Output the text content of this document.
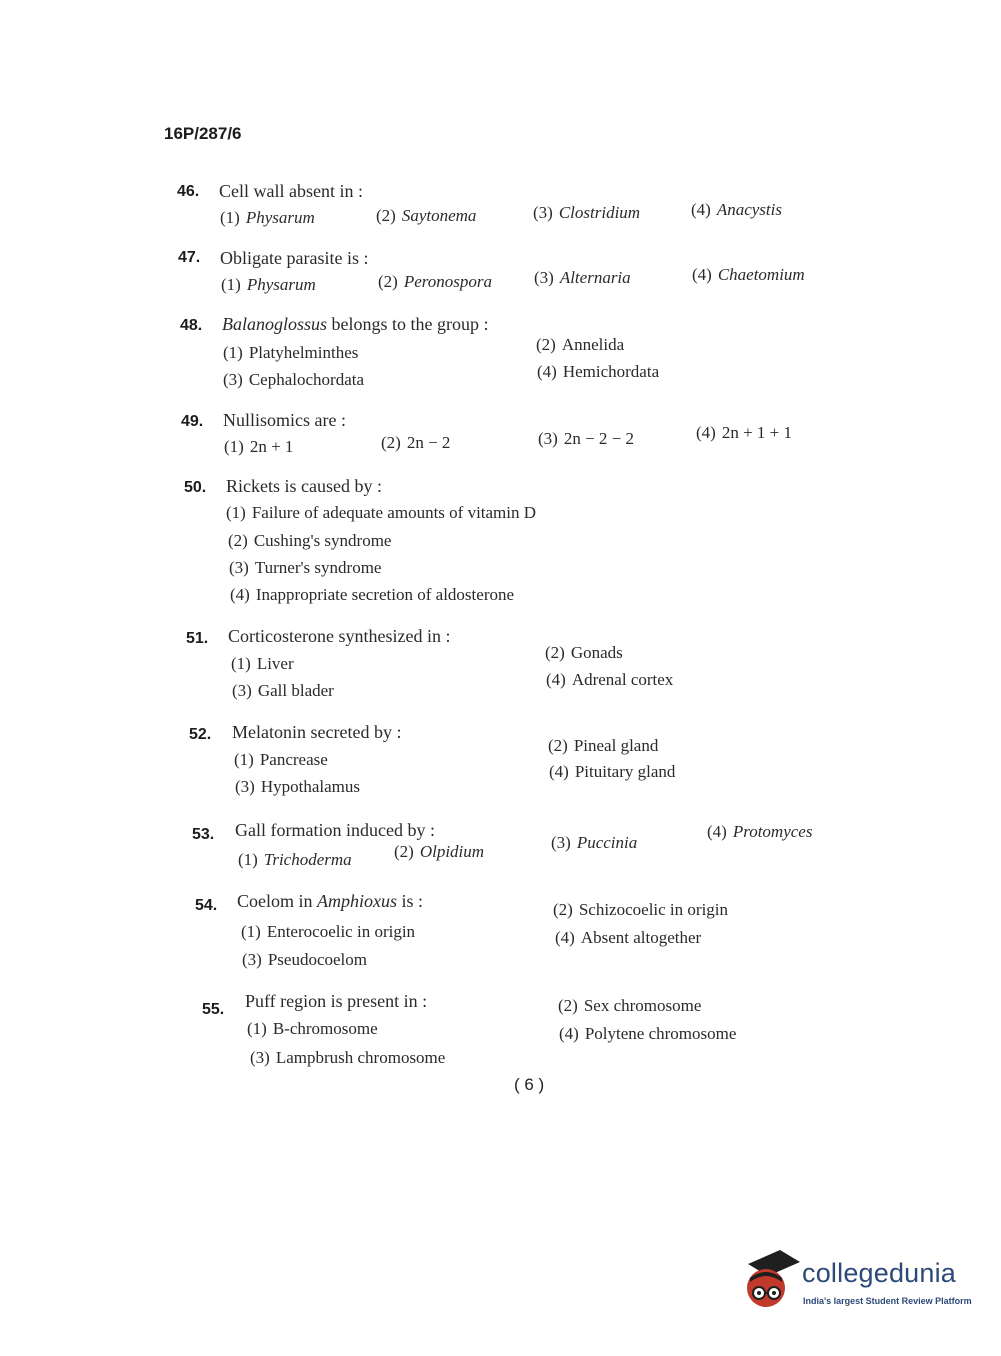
16P/287/6
46. Cell wall absent in :
(1) Physarum	(2) Saytonema	(3) Clostridium	(4) Anacystis
47. Obligate parasite is :
(1) Physarum	(2) Peronospora (3) Alternaria	(4) Chaetomium
48. Balanoglossus belongs to the group :
(1) Platyhelminthes	(2) Annelida
(3) Cephalochordata	(4) Hemichordata
49. Nullisomics are :
(1) 2n + 1	(2) 2n − 2	(3) 2n − 2 − 2	(4) 2n + 1 + 1
50. Rickets is caused by :
(1) Failure of adequate amounts of vitamin D
(2) Cushing's syndrome
(3) Turner's syndrome
(4) Inappropriate secretion of aldosterone
51. Corticosterone synthesized in :
(1) Liver
(2) Gonads
(3) Gall blader
(4) Adrenal cortex
52. Melatonin secreted by :
(1) Pancrease
(2) Pineal gland
(3) Hypothalamus
(4) Pituitary gland
53. Gall formation induced by :
(1) Trichoderma (2) Olpidium	(3) Puccinia
(4) Protomyces
54. Coelom in Amphioxus is :
(1) Enterocoelic in origin
(2) Schizocoelic in origin
(3) Pseudocoelom
(4) Absent altogether
55. Puff region is present in :
(1) B-chromosome
(2) Sex chromosome
(3) Lampbrush chromosome
(4) Polytene chromosome
( 6 )
collegedunia
India's largest Student Review Platform
